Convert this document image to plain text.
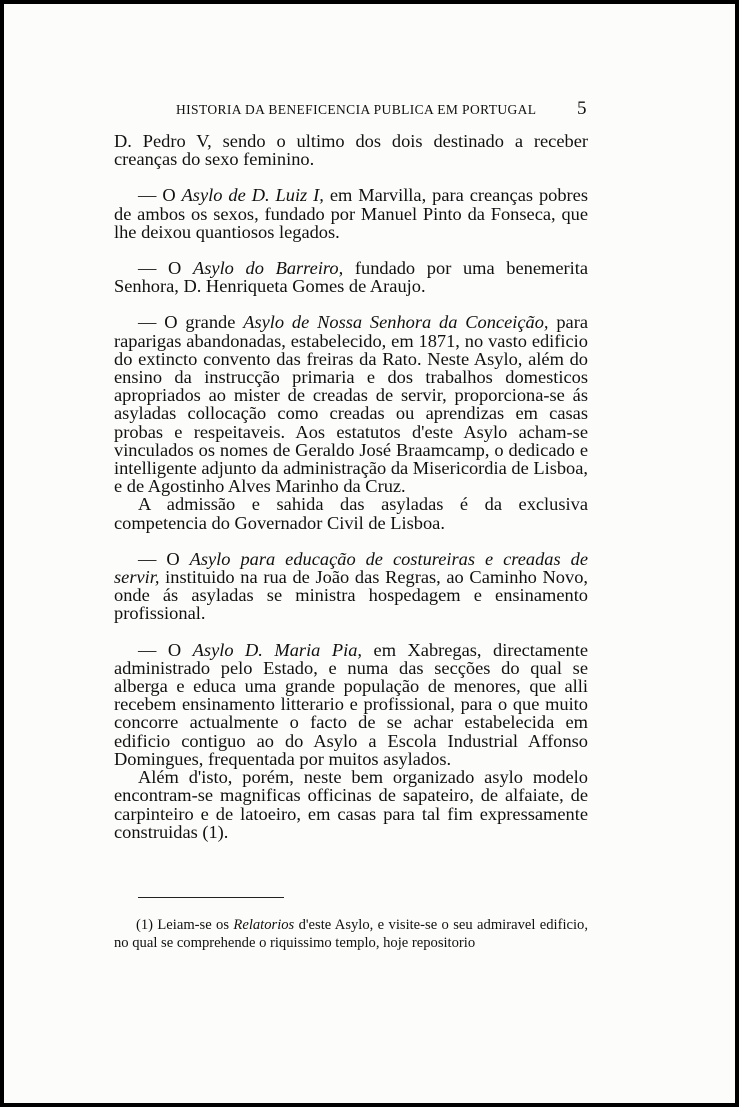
HISTORIA DA BENEFICENCIA PUBLICA EM PORTUGAL 5

D. Pedro V, sendo o ultimo dos dois destinado a receber creanças do sexo feminino.

— O Asylo de D. Luiz I, em Marvilla, para creanças pobres de ambos os sexos, fundado por Manuel Pinto da Fonseca, que lhe deixou quantiosos legados.

— O Asylo do Barreiro, fundado por uma benemerita Senhora, D. Henriqueta Gomes de Araujo.

— O grande Asylo de Nossa Senhora da Conceição, para raparigas abandonadas, estabelecido, em 1871, no vasto edificio do extincto convento das freiras da Rato. Neste Asylo, além do ensino da instrucção primaria e dos trabalhos domesticos apropriados ao mister de creadas de servir, proporciona-se ás asyladas collocação como creadas ou aprendizas em casas probas e respeitaveis. Aos estatutos d'este Asylo acham-se vinculados os nomes de Geraldo José Braamcamp, o dedicado e intelligente adjunto da administração da Misericordia de Lisboa, e de Agostinho Alves Marinho da Cruz.

A admissão e sahida das asyladas é da exclusiva competencia do Governador Civil de Lisboa.

— O Asylo para educação de costureiras e creadas de servir, instituido na rua de João das Regras, ao Caminho Novo, onde ás asyladas se ministra hospedagem e ensinamento profissional.

— O Asylo D. Maria Pia, em Xabregas, directamente administrado pelo Estado, e numa das secções do qual se alberga e educa uma grande população de menores, que alli recebem ensinamento litterario e profissional, para o que muito concorre actualmente o facto de se achar estabelecida em edificio contiguo ao do Asylo a Escola Industrial Affonso Domingues, frequentada por muitos asylados.

Além d'isto, porém, neste bem organizado asylo modelo encontram-se magnificas officinas de sapateiro, de alfaiate, de carpinteiro e de latoeiro, em casas para tal fim expressamente construidas (1).

(1) Leiam-se os Relatorios d'este Asylo, e visite-se o seu admiravel edificio, no qual se comprehende o riquissimo templo, hoje repositorio
